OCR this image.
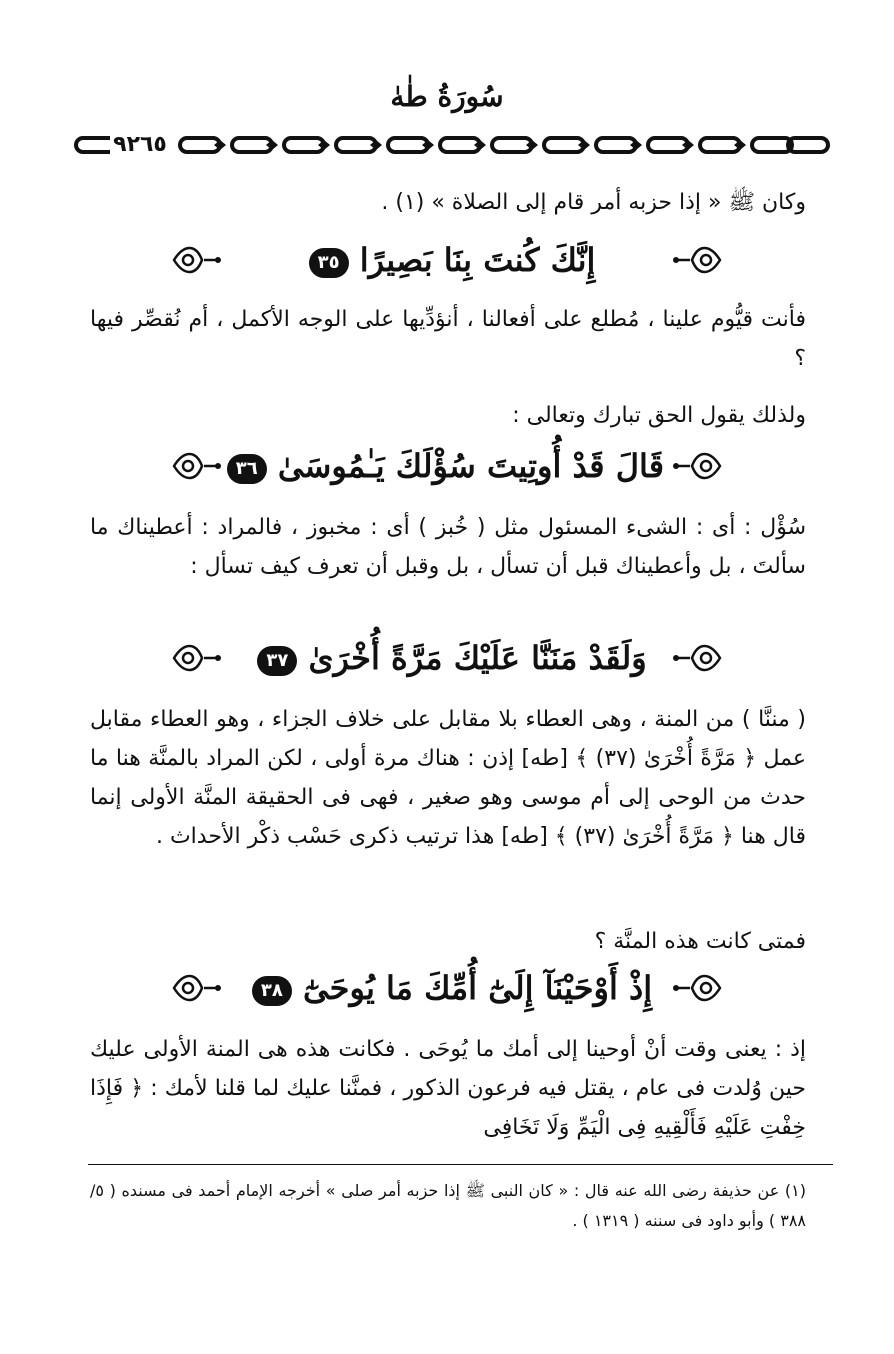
سُورَةُ طٰهٰ
٩٢٦٥
وكان ﷺ « إذا حزبه أمر قام إلى الصلاة » (١) .
إِنَّكَ كُنتَ بِنَا بَصِيرًا ٣٥
فأنت قيُّوم علينا ، مُطلع على أفعالنا ، أنؤدِّيها على الوجه الأكمل ، أم نُقصِّر فيها ؟
ولذلك يقول الحق تبارك وتعالى :
قَالَ قَدْ أُوتِيتَ سُؤْلَكَ يَـٰمُوسَىٰ ٣٦
سُؤْل : أى : الشىء المسئول مثل ( خُبز ) أى : مخبوز ، فالمراد : أعطيناك ما سألتَ ، بل وأعطيناك قبل أن تسأل ، بل وقبل أن تعرف كيف تسأل :
وَلَقَدْ مَنَنَّا عَلَيْكَ مَرَّةً أُخْرَىٰ ٣٧
( مننَّا ) من المنة ، وهى العطاء بلا مقابل على خلاف الجزاء ، وهو العطاء مقابل عمل ﴿ مَرَّةً أُخْرَىٰ (٣٧) ﴾ [طه] إذن : هناك مرة أولى ، لكن المراد بالمنَّة هنا ما حدث من الوحى إلى أم موسى وهو صغير ، فهى فى الحقيقة المنَّة الأولى إنما قال هنا ﴿ مَرَّةً أُخْرَىٰ (٣٧) ﴾ [طه] هذا ترتيب ذكرى حَسْب ذكْر الأحداث .
فمتى كانت هذه المنَّة ؟
إِذْ أَوْحَيْنَآ إِلَىٰٓ أُمِّكَ مَا يُوحَىٰٓ ٣٨
إذ : يعنى وقت أنْ أوحينا إلى أمك ما يُوحَى . فكانت هذه هى المنة الأولى عليك حين وُلدت فى عام ، يقتل فيه فرعون الذكور ، فمنَّنا عليك لما قلنا لأمك : ﴿ فَإِذَا خِفْتِ عَلَيْهِ فَأَلْقِيهِ فِى الْيَمِّ وَلَا تَخَافِى
(١) عن حذيفة رضى الله عنه قال : « كان النبى ﷺ إذا حزبه أمر صلى » أخرجه الإمام أحمد فى مسنده ( ٥/ ٣٨٨ ) وأبو داود فى سننه ( ١٣١٩ ) .
